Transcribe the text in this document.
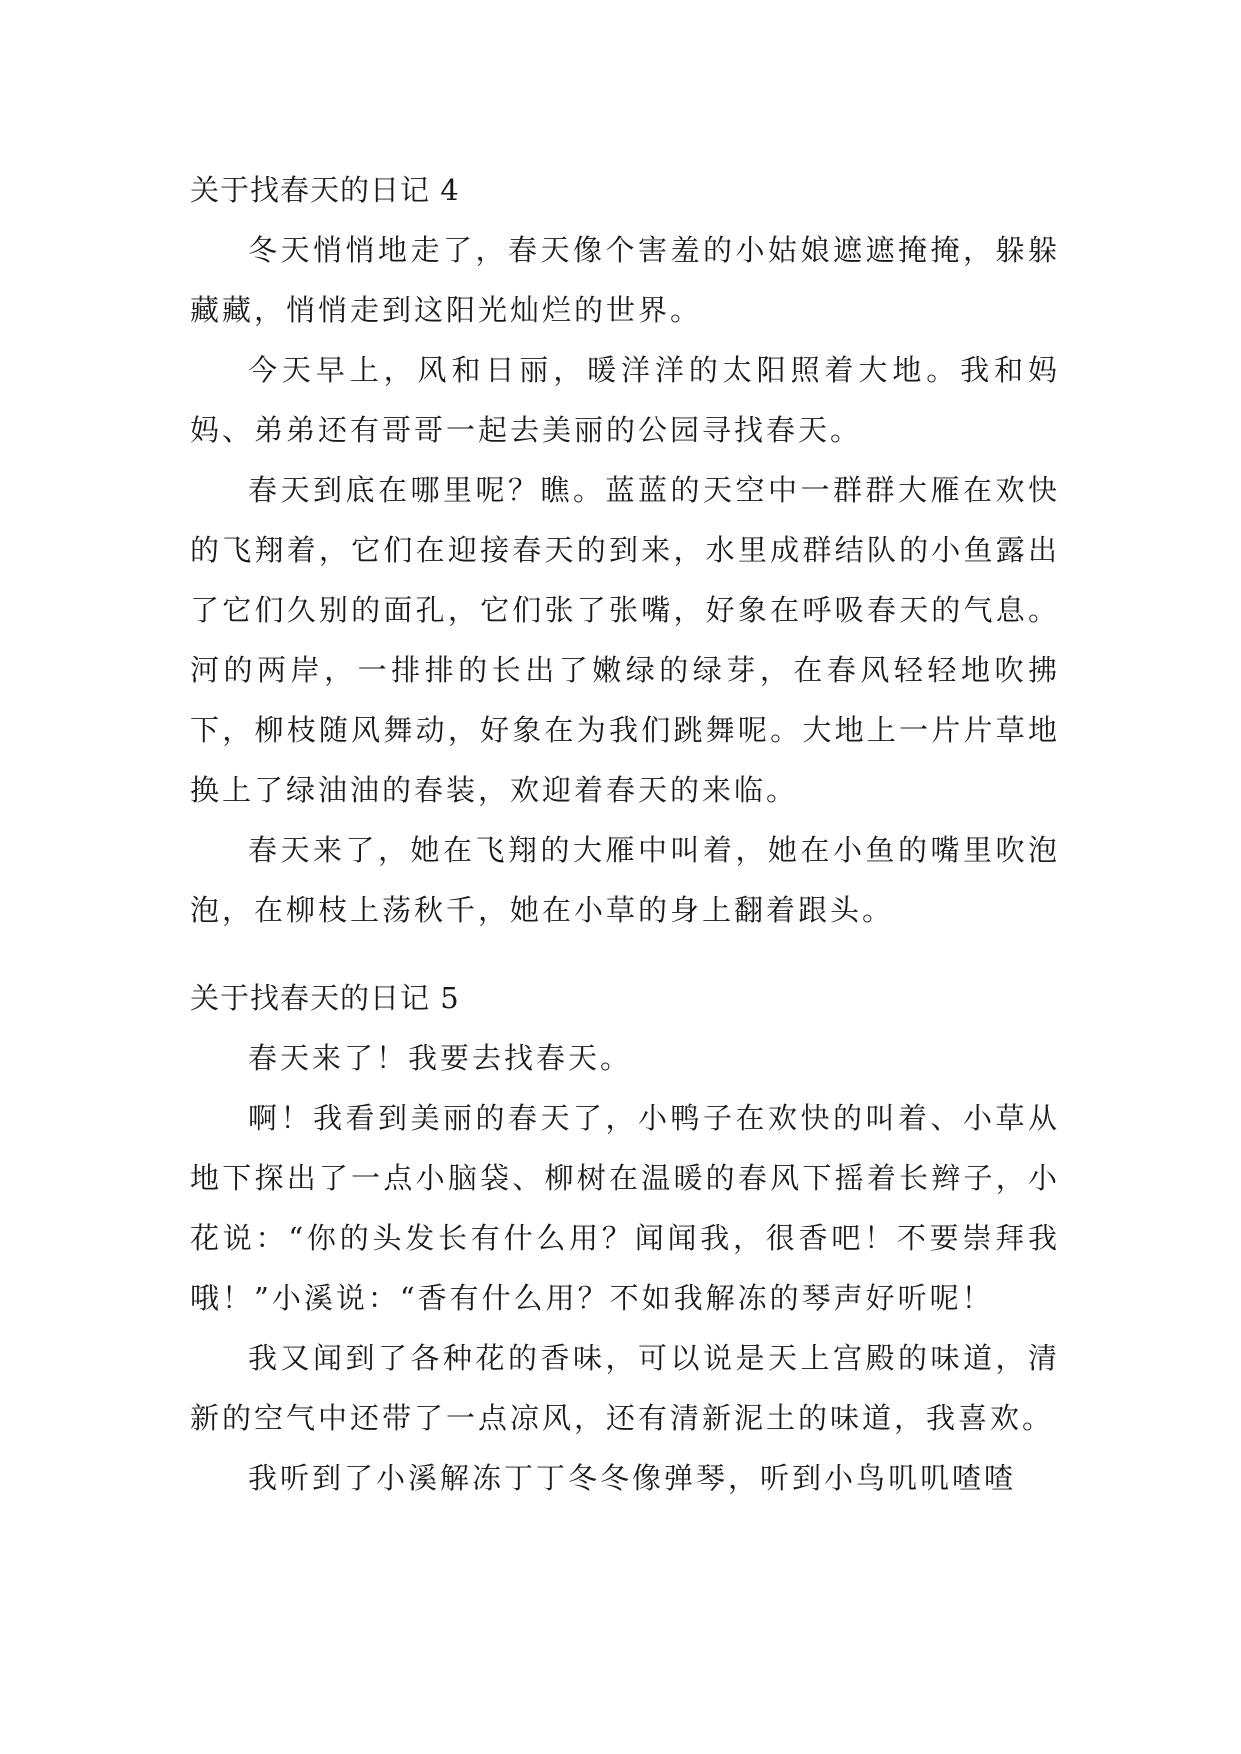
关于找春天的日记 4

冬天悄悄地走了，春天像个害羞的小姑娘遮遮掩掩，躲躲藏藏，悄悄走到这阳光灿烂的世界。

今天早上，风和日丽，暖洋洋的太阳照着大地。我和妈妈、弟弟还有哥哥一起去美丽的公园寻找春天。

春天到底在哪里呢？瞧。蓝蓝的天空中一群群大雁在欢快的飞翔着，它们在迎接春天的到来，水里成群结队的小鱼露出了它们久别的面孔，它们张了张嘴，好象在呼吸春天的气息。河的两岸，一排排的长出了嫩绿的绿芽，在春风轻轻地吹拂下，柳枝随风舞动，好象在为我们跳舞呢。大地上一片片草地换上了绿油油的春装，欢迎着春天的来临。

春天来了，她在飞翔的大雁中叫着，她在小鱼的嘴里吹泡泡，在柳枝上荡秋千，她在小草的身上翻着跟头。

关于找春天的日记 5

春天来了！我要去找春天。

啊！我看到美丽的春天了，小鸭子在欢快的叫着、小草从地下探出了一点小脑袋、柳树在温暖的春风下摇着长辫子，小花说：“你的头发长有什么用？闻闻我，很香吧！不要崇拜我哦！”小溪说：“香有什么用？不如我解冻的琴声好听呢！

我又闻到了各种花的香味，可以说是天上宫殿的味道，清新的空气中还带了一点凉风，还有清新泥土的味道，我喜欢。

我听到了小溪解冻丁丁冬冬像弹琴，听到小鸟叽叽喳喳
